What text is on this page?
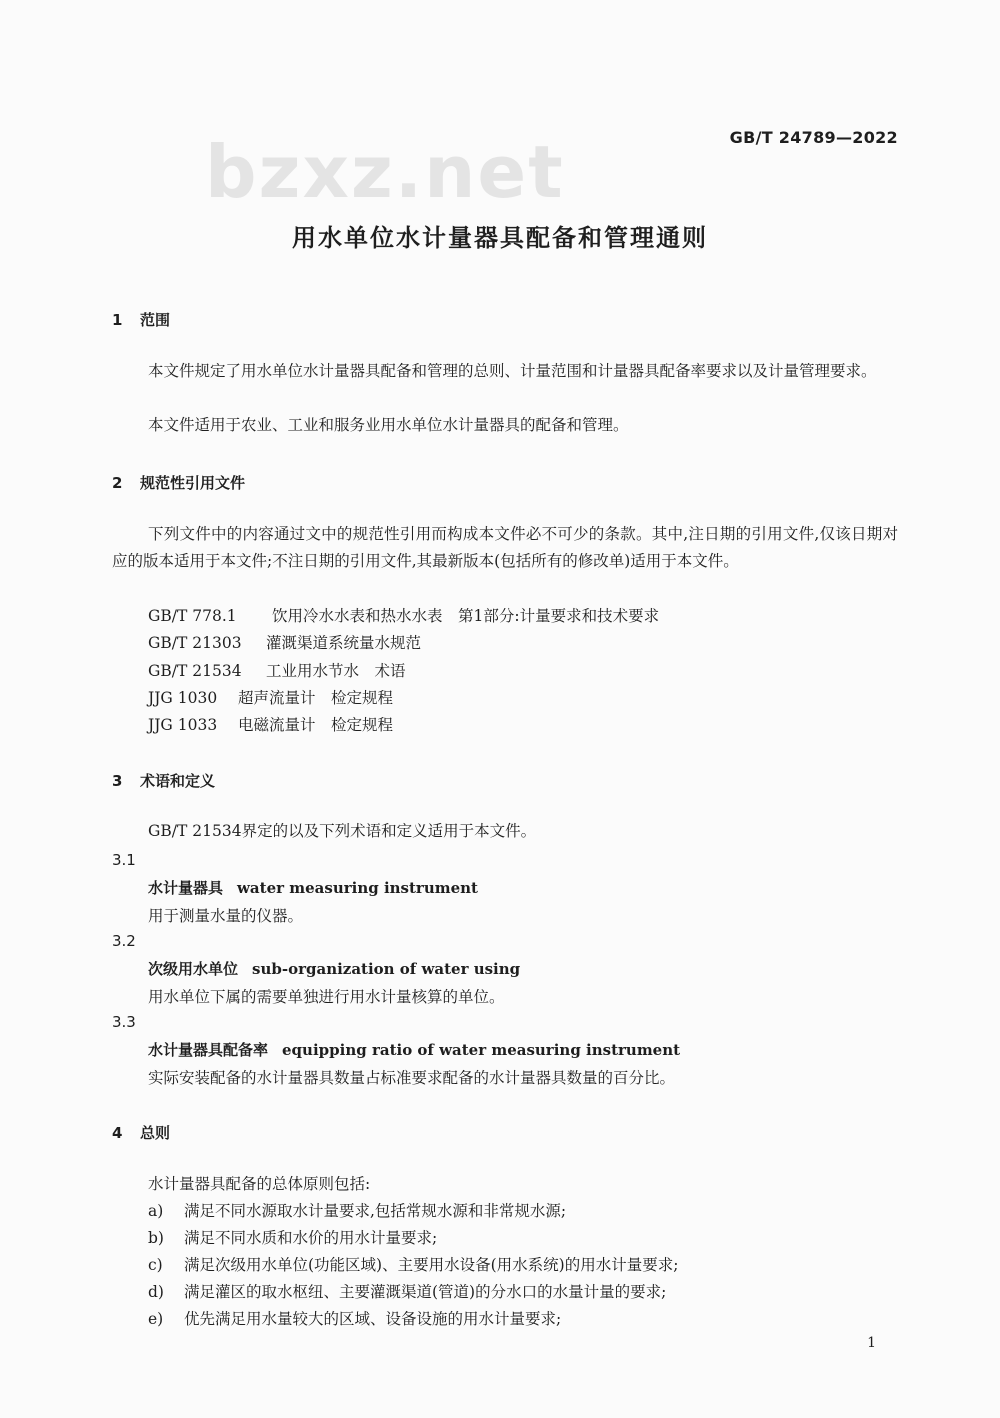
bzxz.net	GB/T 24789—2022
用水单位水计量器具配备和管理通则
1 范围
本文件规定了用水单位水计量器具配备和管理的总则、计量范围和计量器具配备率要求以及计量管理要求。
本文件适用于农业、工业和服务业用水单位水计量器具的配备和管理。
2 规范性引用文件
下列文件中的内容通过文中的规范性引用而构成本文件必不可少的条款。其中,注日期的引用文件,仅该日期对应的版本适用于本文件;不注日期的引用文件,其最新版本(包括所有的修改单)适用于本文件。
GB/T 778.1 饮用冷水水表和热水水表　第1部分:计量要求和技术要求
GB/T 21303 灌溉渠道系统量水规范
GB/T 21534 工业用水节水　术语
JJG 1030 超声流量计　检定规程
JJG 1033 电磁流量计　检定规程
3 术语和定义
GB/T 21534界定的以及下列术语和定义适用于本文件。
3.1
水计量器具 water measuring instrument
用于测量水量的仪器。
3.2
次级用水单位 sub-organization of water using
用水单位下属的需要单独进行用水计量核算的单位。
3.3
水计量器具配备率 equipping ratio of water measuring instrument
实际安装配备的水计量器具数量占标准要求配备的水计量器具数量的百分比。
4 总则
水计量器具配备的总体原则包括:
a) 满足不同水源取水计量要求,包括常规水源和非常规水源;
b) 满足不同水质和水价的用水计量要求;
c) 满足次级用水单位(功能区域)、主要用水设备(用水系统)的用水计量要求;
d) 满足灌区的取水枢纽、主要灌溉渠道(管道)的分水口的水量计量的要求;
e) 优先满足用水量较大的区域、设备设施的用水计量要求;
1
